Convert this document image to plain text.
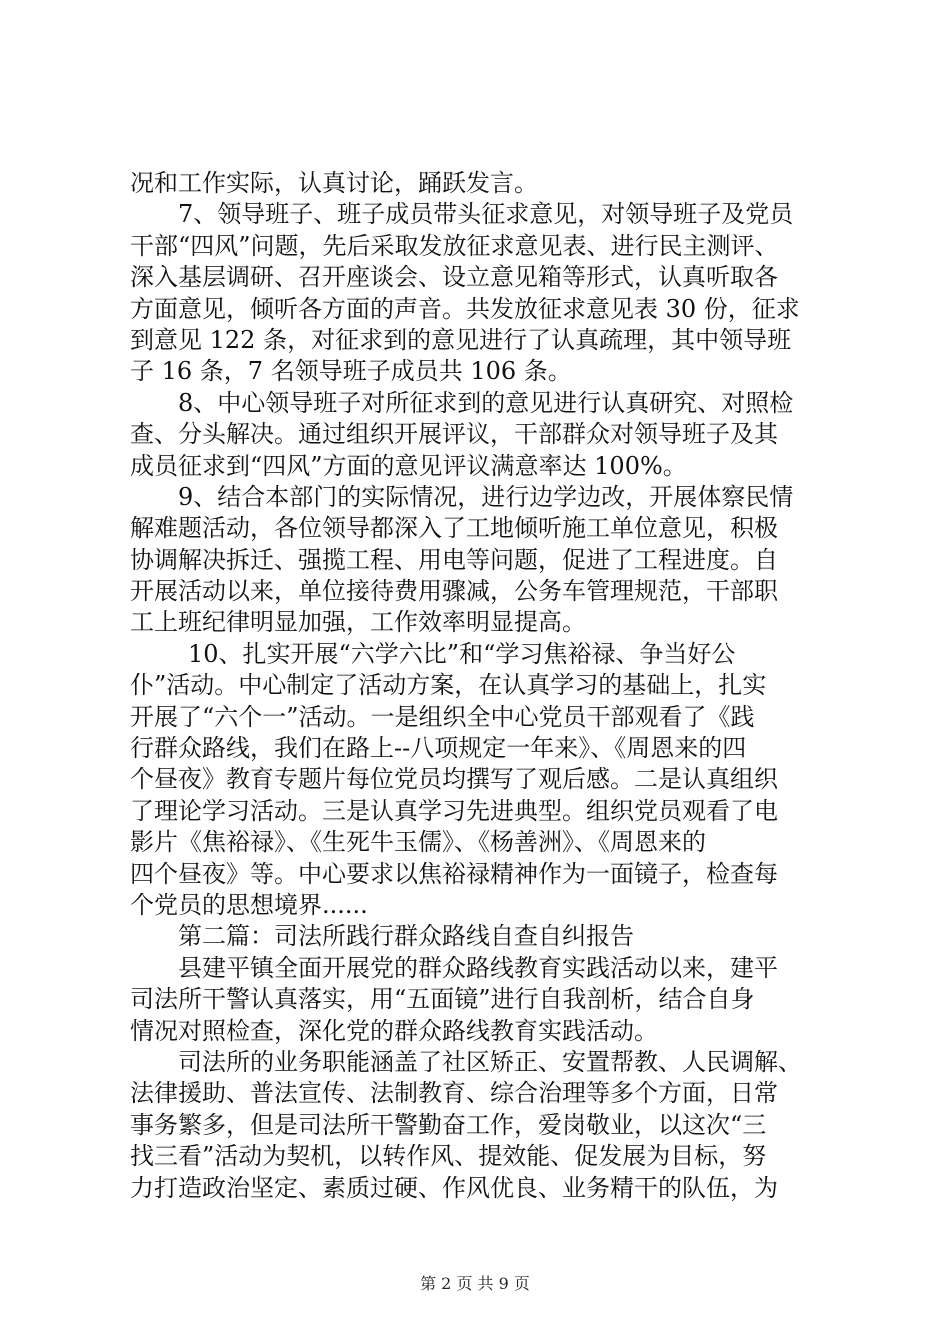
况和工作实际，认真讨论，踊跃发言。
7、领导班子、班子成员带头征求意见，对领导班子及党员
干部“四风”问题，先后采取发放征求意见表、进行民主测评、
深入基层调研、召开座谈会、设立意见箱等形式，认真听取各
方面意见，倾听各方面的声音。共发放征求意见表 30 份，征求
到意见 122 条，对征求到的意见进行了认真疏理，其中领导班
子 16 条，7 名领导班子成员共 106 条。
8、中心领导班子对所征求到的意见进行认真研究、对照检
查、分头解决。通过组织开展评议，干部群众对领导班子及其
成员征求到“四风”方面的意见评议满意率达 100%。
9、结合本部门的实际情况，进行边学边改，开展体察民情
解难题活动，各位领导都深入了工地倾听施工单位意见，积极
协调解决拆迁、强揽工程、用电等问题，促进了工程进度。自
开展活动以来，单位接待费用骤减，公务车管理规范，干部职
工上班纪律明显加强，工作效率明显提高。
10、扎实开展“六学六比”和“学习焦裕禄、争当好公
仆”活动。中心制定了活动方案，在认真学习的基础上，扎实
开展了“六个一”活动。一是组织全中心党员干部观看了《践
行群众路线，我们在路上--八项规定一年来》、《周恩来的四
个昼夜》教育专题片每位党员均撰写了观后感。二是认真组织
了理论学习活动。三是认真学习先进典型。组织党员观看了电
影片《焦裕禄》、《生死牛玉儒》、《杨善洲》、《周恩来的
四个昼夜》等。中心要求以焦裕禄精神作为一面镜子，检查每
个党员的思想境界......
第二篇：司法所践行群众路线自查自纠报告
县建平镇全面开展党的群众路线教育实践活动以来，建平
司法所干警认真落实，用“五面镜”进行自我剖析，结合自身
情况对照检查，深化党的群众路线教育实践活动。
司法所的业务职能涵盖了社区矫正、安置帮教、人民调解、
法律援助、普法宣传、法制教育、综合治理等多个方面，日常
事务繁多，但是司法所干警勤奋工作，爱岗敬业，以这次“三
找三看”活动为契机，以转作风、提效能、促发展为目标，努
力打造政治坚定、素质过硬、作风优良、业务精干的队伍，为
第 2 页 共 9 页
